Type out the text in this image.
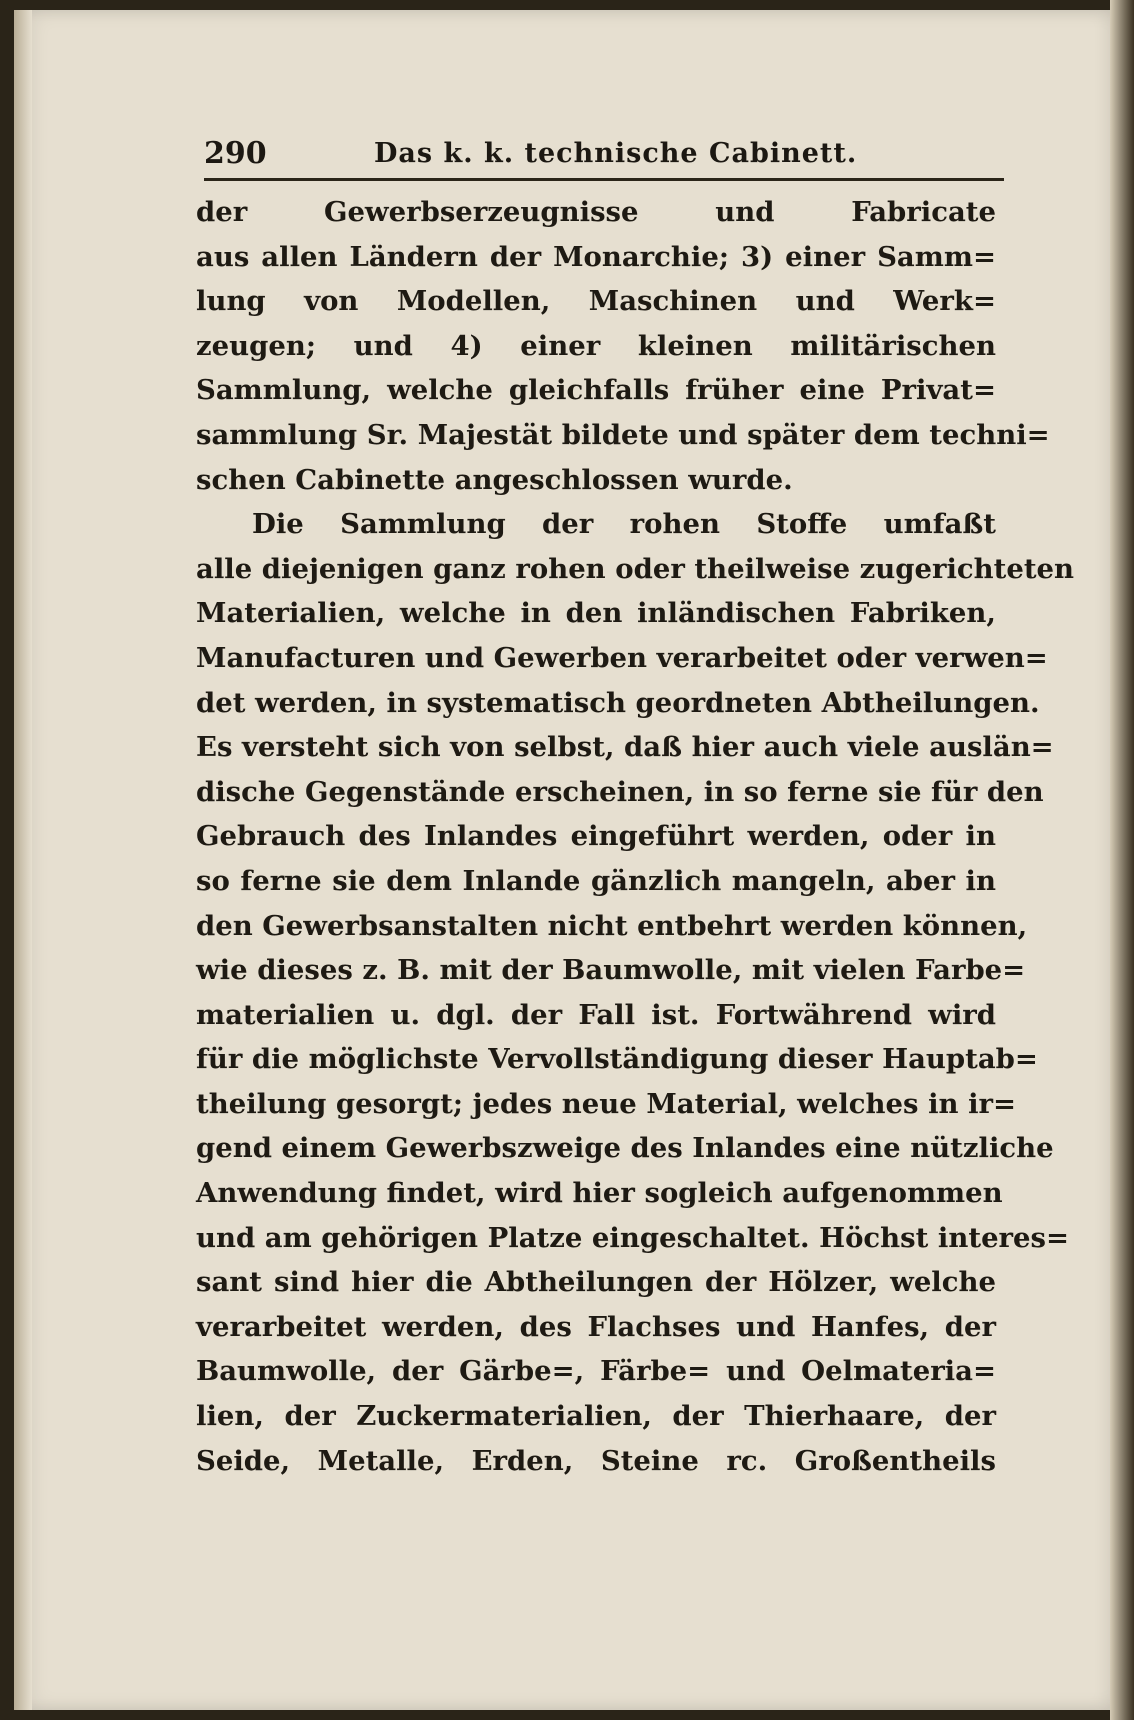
290	Das k. k. technische Cabinett.
der Gewerbserzeugnisse und Fabricate
aus allen Ländern der Monarchie; 3) einer Samm=
lung von Modellen, Maschinen und Werk=
zeugen; und 4) einer kleinen militärischen
Sammlung, welche gleichfalls früher eine Privat=
sammlung Sr. Majestät bildete und später dem techni=
schen Cabinette angeschlossen wurde.
Die Sammlung der rohen Stoffe umfaßt
alle diejenigen ganz rohen oder theilweise zugerichteten
Materialien, welche in den inländischen Fabriken,
Manufacturen und Gewerben verarbeitet oder verwen=
det werden, in systematisch geordneten Abtheilungen.
Es versteht sich von selbst, daß hier auch viele auslän=
dische Gegenstände erscheinen, in so ferne sie für den
Gebrauch des Inlandes eingeführt werden, oder in
so ferne sie dem Inlande gänzlich mangeln, aber in
den Gewerbsanstalten nicht entbehrt werden können,
wie dieses z. B. mit der Baumwolle, mit vielen Farbe=
materialien u. dgl. der Fall ist. Fortwährend wird
für die möglichste Vervollständigung dieser Hauptab=
theilung gesorgt; jedes neue Material, welches in ir=
gend einem Gewerbszweige des Inlandes eine nützliche
Anwendung findet, wird hier sogleich aufgenommen
und am gehörigen Platze eingeschaltet. Höchst interes=
sant sind hier die Abtheilungen der Hölzer, welche
verarbeitet werden, des Flachses und Hanfes, der
Baumwolle, der Gärbe=, Färbe= und Oelmateria=
lien, der Zuckermaterialien, der Thierhaare, der
Seide, Metalle, Erden, Steine rc. Großentheils
